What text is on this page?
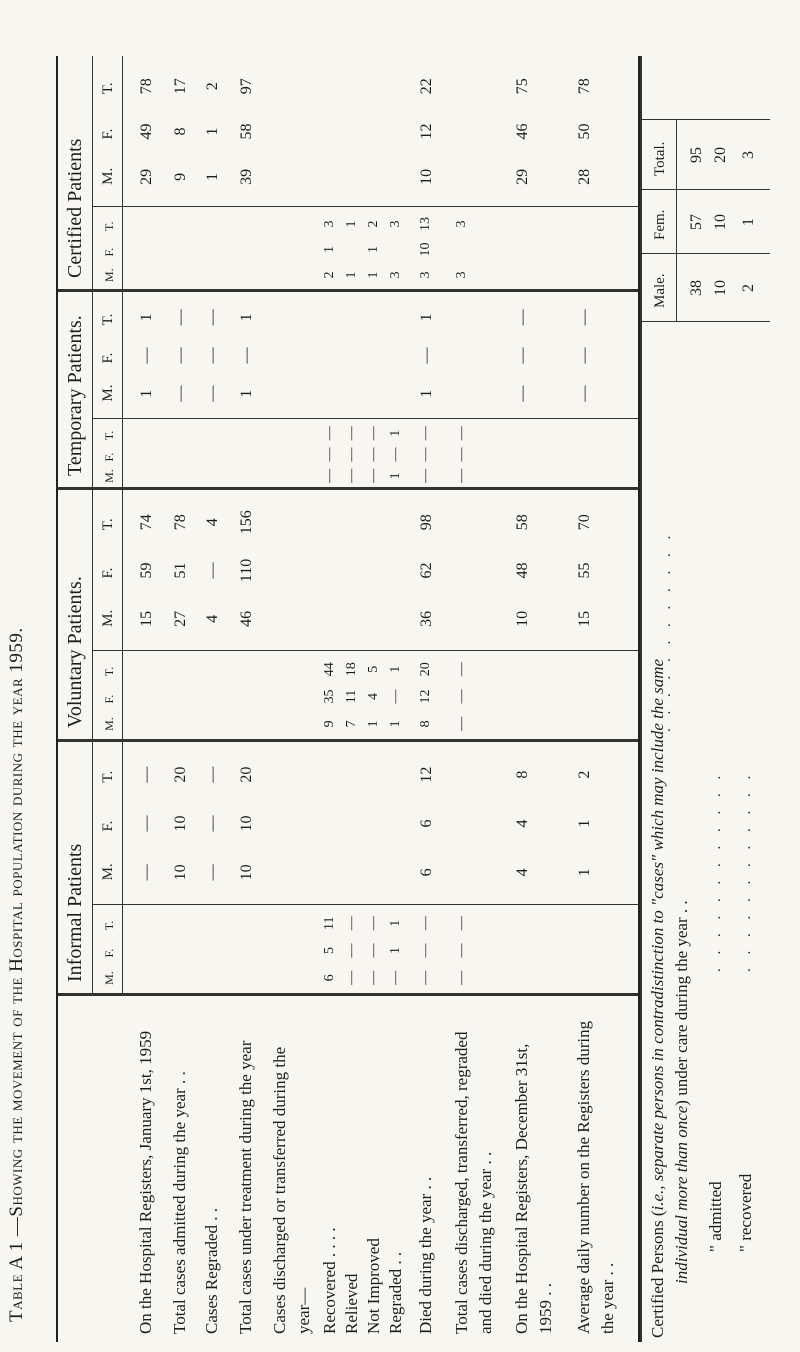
Table A 1 —Showing the movement of the Hospital population during the year 1959. Informal Patients
Voluntary Patients.
Temporary Patients.
Certified Patients
On the Hospital Registers, January 1st, 1959 Total cases admitted during the year . . Cases Regraded . . Total cases under treatment during the year Cases discharged or transferred during the year— Recovered . . . . Relieved Not Improved Regraded . . Died during the year . . Total cases discharged, transferred, regraded and died during the year . . On the Hospital Registers, December 31st, 1959 . . Average daily number on the Registers during the year . .
—
—
—
10
10
20
—
—
—
10
10
20
6
6
12
4
4
8
1
1
2
6
5
11
—
—
—
—
—
—
—
1
1
—
—
—
—
—
—
15
59
74
27
51
78
4
—
4
46
110
156
36
62
98
10
48
58
15
55
70
9
35
44
7
11
18
1
4
5
1
—
1
8
12
20
—
—
—
1
—
1
—
—
—
—
—
—
1
—
1
1
—
1
—
—
—
—
—
—
—
—
—
—
—
—
—
—
—
1
—
1
—
—
—
—
—
—
29
49
78
9
8
17
1
1
2
39
58
97
10
12
22
29
46
75
28
50
78
2
1
3
1
1
1
1
2
3
3
3
10
13
3
3
M.
F.
T.
M.
F.
T.
M.
F.
T.
M.
F.
T.
M.
F.
T.
M.
F.
T.
M.
F.
T.
M.
F.
T.
Certified Persons (i.e., separate persons in contradistinction to "cases" which may include the same individual more than once) under care during the year . .
" admitted " recovered
. . . . . . . . . . . . . . . . . . . . . . . .
. . . . . . . . . . . .
Male.
Fem.
Total.
38
57
95
10
10
20
2
1
3
